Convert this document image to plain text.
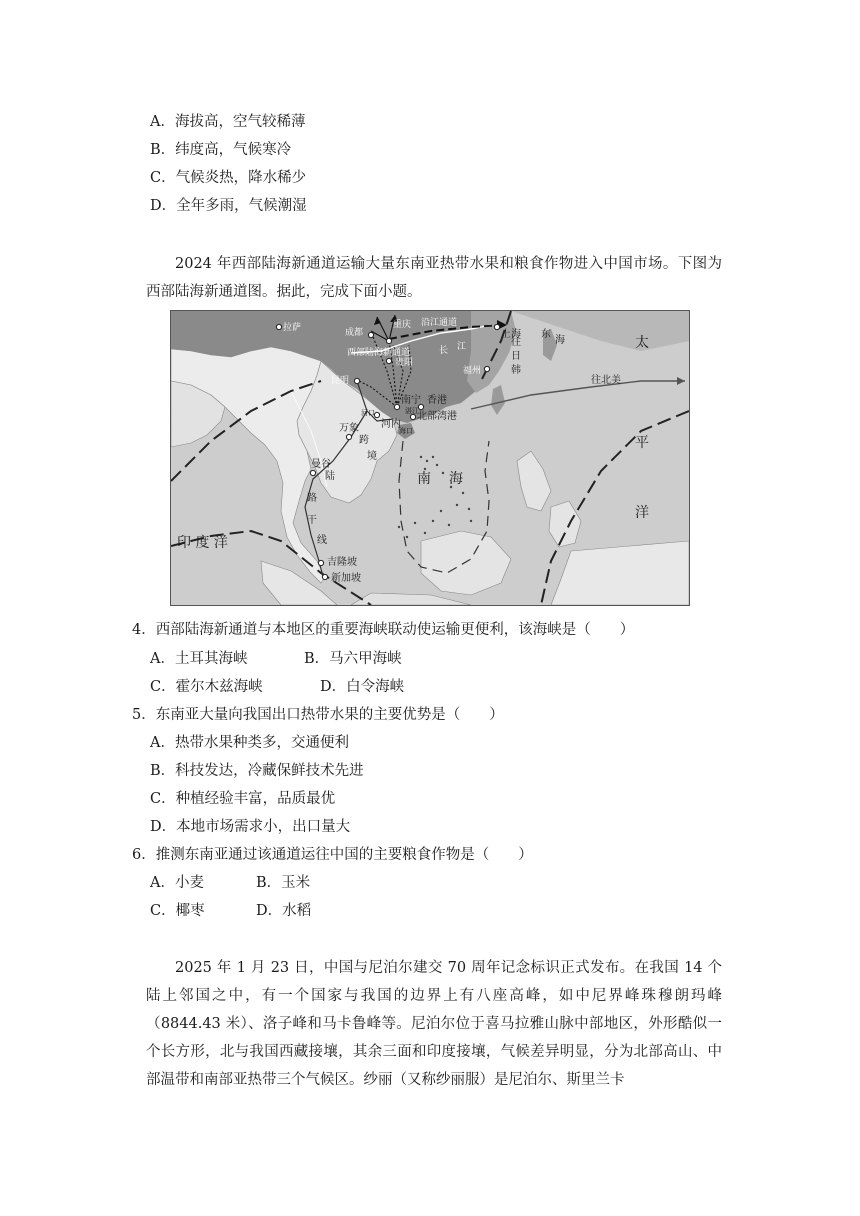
A．海拔高，空气较稀薄
B．纬度高，气候寒冷
C．气候炎热，降水稀少
D．全年多雨，气候潮湿
2024 年西部陆海新通道运输大量东南亚热带水果和粮食作物进入中国市场。下图为西部陆海新通道图。据此，完成下面小题。
拉萨	成都
重庆 沿江通道
上海 东
海
西部陆海新通道
贵阳
长 江
昆明
福州
往
日
韩
南宁 香港
北部湾港
湛江
河口
河内
海口
万象
跨
境
曼谷
陆
路
干
线
吉隆坡
新加坡
南 海
太
平
洋
印 度 洋
往北美
4．西部陆海新通道与本地区的重要海峡联动使运输更便利，该海峡是（　　）
A．土耳其海峡	B．马六甲海峡
C．霍尔木兹海峡	D．白令海峡
5．东南亚大量向我国出口热带水果的主要优势是（　　）
A．热带水果种类多，交通便利
B．科技发达，冷藏保鲜技术先进
C．种植经验丰富，品质最优
D．本地市场需求小，出口量大
6．推测东南亚通过该通道运往中国的主要粮食作物是（　　）
A．小麦	B．玉米
C．椰枣	D．水稻
2025 年 1 月 23 日，中国与尼泊尔建交 70 周年记念标识正式发布。在我国 14 个陆上邻国之中，有一个国家与我国的边界上有八座高峰，如中尼界峰珠穆朗玛峰（8844.43 米）、洛子峰和马卡鲁峰等。尼泊尔位于喜马拉雅山脉中部地区，外形酷似一个长方形，北与我国西藏接壤，其余三面和印度接壤，气候差异明显，分为北部高山、中部温带和南部亚热带三个气候区。纱丽（又称纱丽服）是尼泊尔、斯里兰卡
